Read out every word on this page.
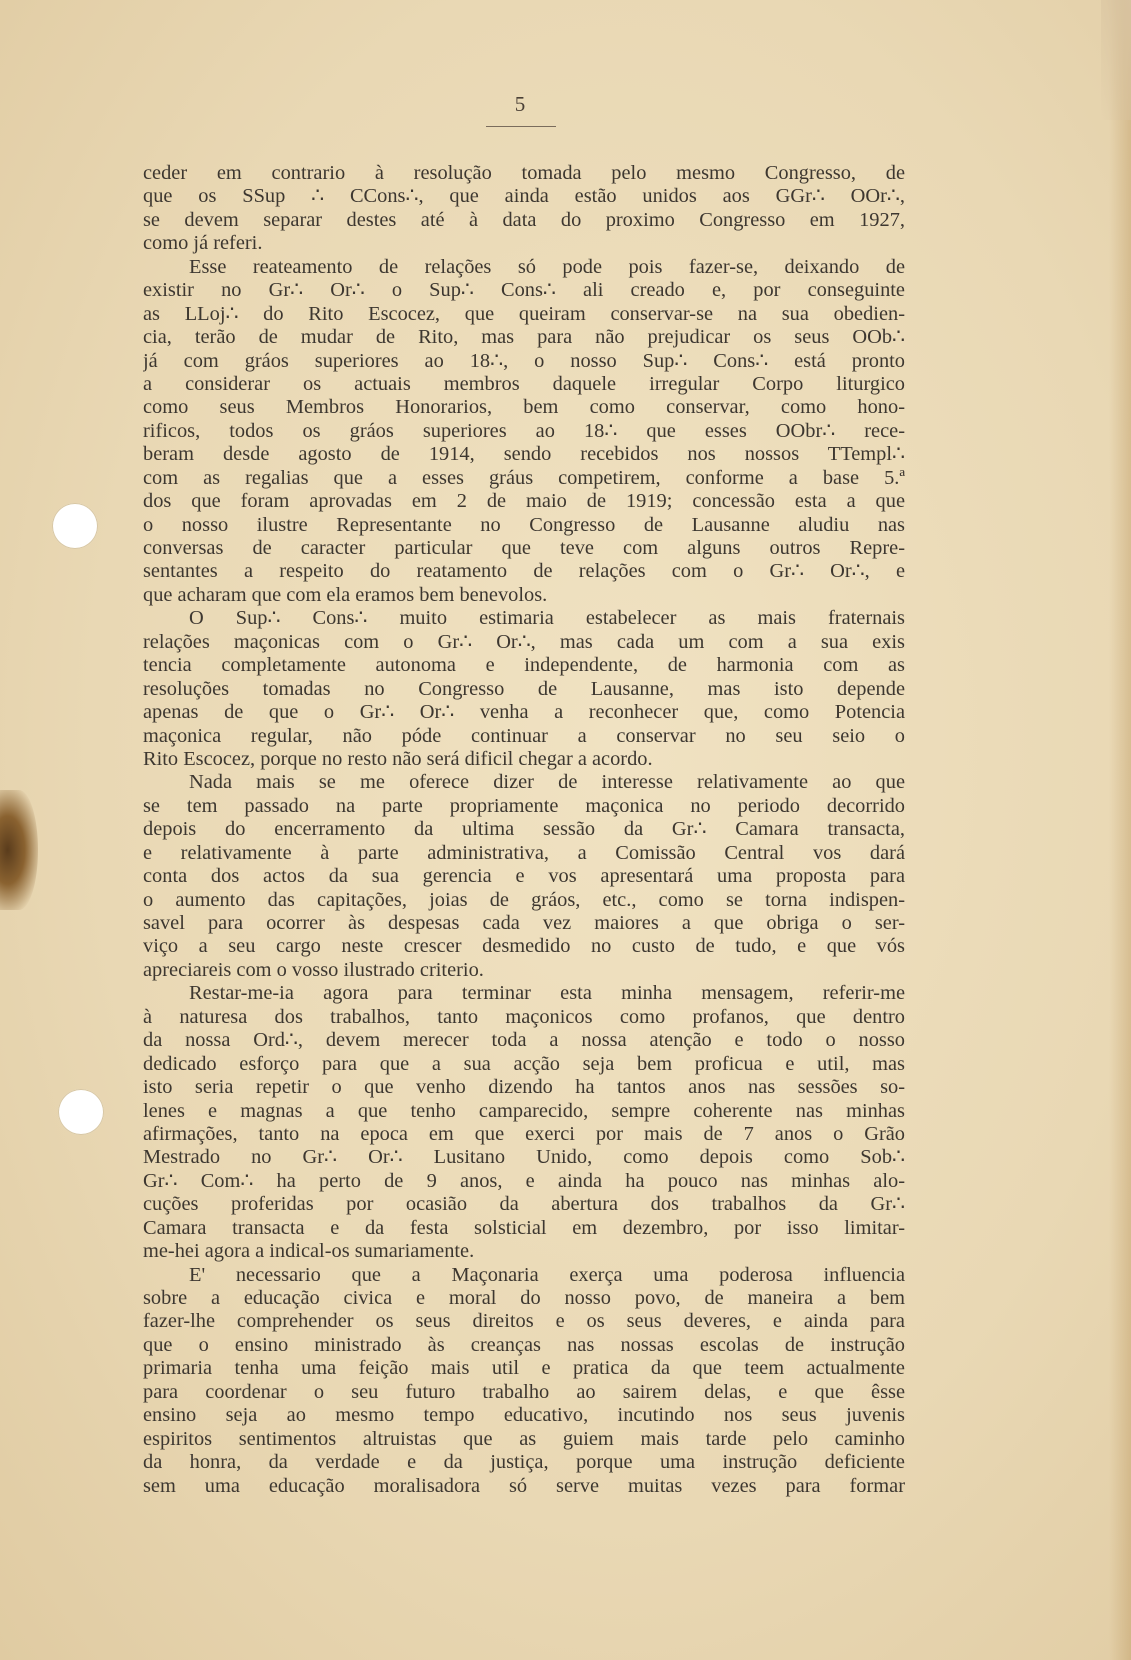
5
ceder em contrario à resolução tomada pelo mesmo Congresso, de
que os SSup ∴ CCons∴, que ainda estão unidos aos GGr∴ OOr∴,
se devem separar destes até à data do proximo Congresso em 1927,
como já referi.
Esse reateamento de relações só pode pois fazer-se, deixando de
existir no Gr∴ Or∴ o Sup∴ Cons∴ ali creado e, por conseguinte
as LLoj∴ do Rito Escocez, que queiram conservar-se na sua obedien-
cia, terão de mudar de Rito, mas para não prejudicar os seus OOb∴
já com gráos superiores ao 18∴, o nosso Sup∴ Cons∴ está pronto
a considerar os actuais membros daquele irregular Corpo liturgico
como seus Membros Honorarios, bem como conservar, como hono-
rificos, todos os gráos superiores ao 18∴ que esses OObr∴ rece-
beram desde agosto de 1914, sendo recebidos nos nossos TTempl∴
com as regalias que a esses gráus competirem, conforme a base 5.ª
dos que foram aprovadas em 2 de maio de 1919; concessão esta a que
o nosso ilustre Representante no Congresso de Lausanne aludiu nas
conversas de caracter particular que teve com alguns outros Repre-
sentantes a respeito do reatamento de relações com o Gr∴ Or∴, e
que acharam que com ela eramos bem benevolos.
O Sup∴ Cons∴ muito estimaria estabelecer as mais fraternais
relações maçonicas com o Gr∴ Or∴, mas cada um com a sua exis
tencia completamente autonoma e independente, de harmonia com as
resoluções tomadas no Congresso de Lausanne, mas isto depende
apenas de que o Gr∴ Or∴ venha a reconhecer que, como Potencia
maçonica regular, não póde continuar a conservar no seu seio o
Rito Escocez, porque no resto não será dificil chegar a acordo.
Nada mais se me oferece dizer de interesse relativamente ao que
se tem passado na parte propriamente maçonica no periodo decorrido
depois do encerramento da ultima sessão da Gr∴ Camara transacta,
e relativamente à parte administrativa, a Comissão Central vos dará
conta dos actos da sua gerencia e vos apresentará uma proposta para
o aumento das capitações, joias de gráos, etc., como se torna indispen-
savel para ocorrer às despesas cada vez maiores a que obriga o ser-
viço a seu cargo neste crescer desmedido no custo de tudo, e que vós
apreciareis com o vosso ilustrado criterio.
Restar-me-ia agora para terminar esta minha mensagem, referir-me
à naturesa dos trabalhos, tanto maçonicos como profanos, que dentro
da nossa Ord∴, devem merecer toda a nossa atenção e todo o nosso
dedicado esforço para que a sua acção seja bem proficua e util, mas
isto seria repetir o que venho dizendo ha tantos anos nas sessões so-
lenes e magnas a que tenho camparecido, sempre coherente nas minhas
afirmações, tanto na epoca em que exerci por mais de 7 anos o Grão
Mestrado no Gr∴ Or∴ Lusitano Unido, como depois como Sob∴
Gr∴ Com∴ ha perto de 9 anos, e ainda ha pouco nas minhas alo-
cuções proferidas por ocasião da abertura dos trabalhos da Gr∴
Camara transacta e da festa solsticial em dezembro, por isso limitar-
me-hei agora a indical-os sumariamente.
E' necessario que a Maçonaria exerça uma poderosa influencia
sobre a educação civica e moral do nosso povo, de maneira a bem
fazer-lhe comprehender os seus direitos e os seus deveres, e ainda para
que o ensino ministrado às creanças nas nossas escolas de instrução
primaria tenha uma feição mais util e pratica da que teem actualmente
para coordenar o seu futuro trabalho ao sairem delas, e que êsse
ensino seja ao mesmo tempo educativo, incutindo nos seus juvenis
espiritos sentimentos altruistas que as guiem mais tarde pelo caminho
da honra, da verdade e da justiça, porque uma instrução deficiente
sem uma educação moralisadora só serve muitas vezes para formar
